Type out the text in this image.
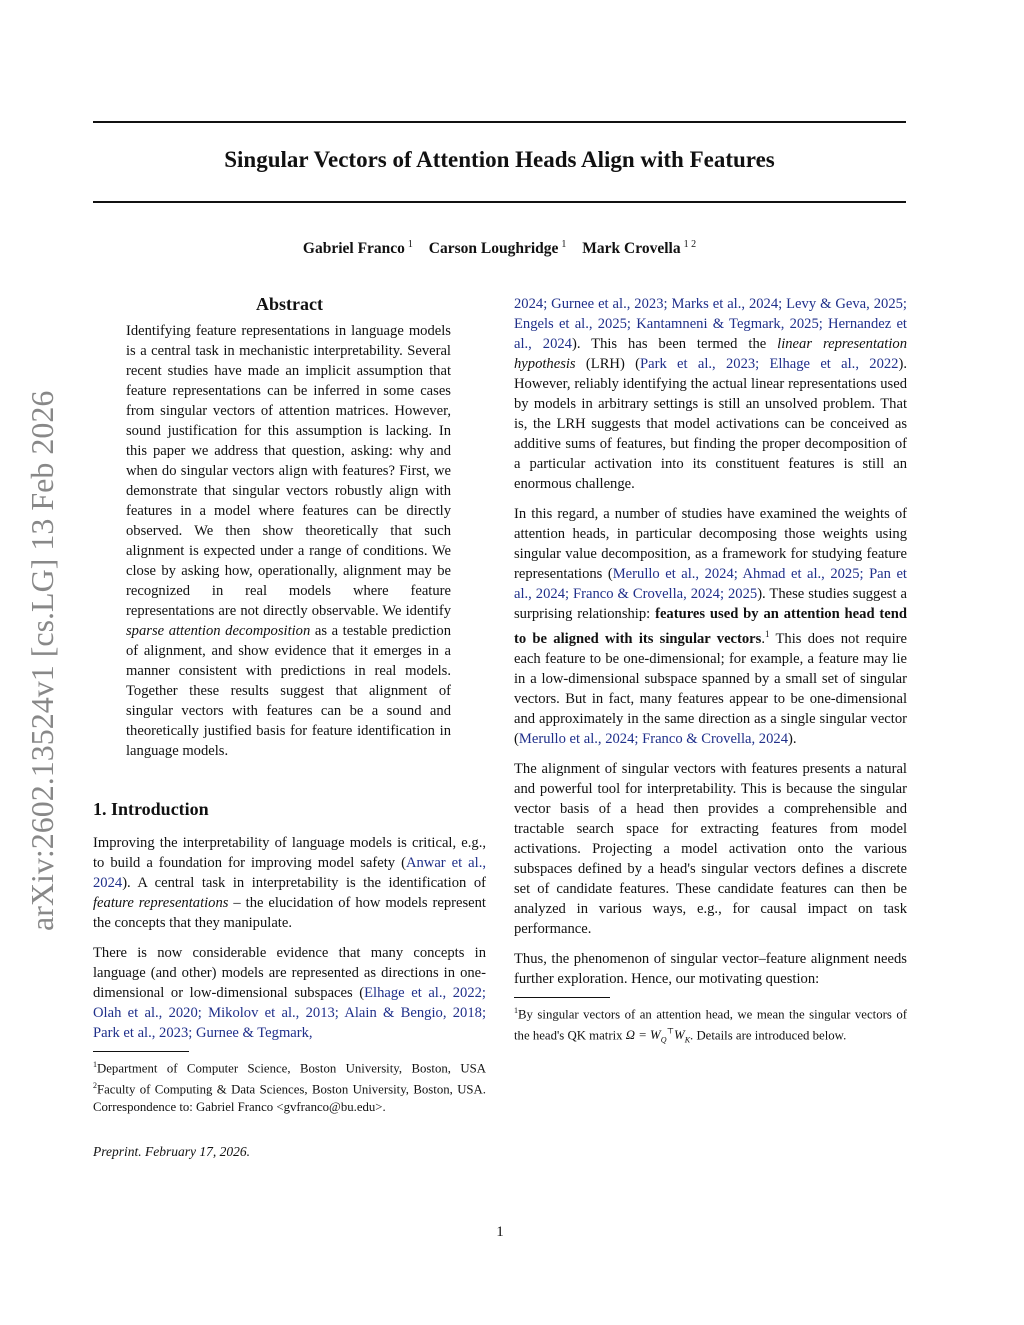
Singular Vectors of Attention Heads Align with Features
Gabriel Franco $^1$ Carson Loughridge $^1$ Mark Crovella $^{1 2}$
arXiv:2602.13524v1 [cs.LG] 13 Feb 2026
Abstract

Identifying feature representations in language models is a central task in mechanistic interpretability. Several recent studies have made an implicit assumption that feature representations can be inferred in some cases from singular vectors of attention matrices. However, sound justification for this assumption is lacking. In this paper we address that question, asking: why and when do singular vectors align with features? First, we demonstrate that singular vectors robustly align with features in a model where features can be directly observed. We then show theoretically that such alignment is expected under a range of conditions. We close by asking how, operationally, alignment may be recognized in real models where feature representations are not directly observable. We identify sparse attention decomposition as a testable prediction of alignment, and show evidence that it emerges in a manner consistent with predictions in real models. Together these results suggest that alignment of singular vectors with features can be a sound and theoretically justified basis for feature identification in language models.

1. Introduction

Improving the interpretability of language models is critical, e.g., to build a foundation for improving model safety (Anwar et al., 2024). A central task in interpretability is the identification of feature representations – the elucidation of how models represent the concepts that they manipulate.

There is now considerable evidence that many concepts in language (and other) models are represented as directions in one-dimensional or low-dimensional subspaces (Elhage et al., 2022; Olah et al., 2020; Mikolov et al., 2013; Alain & Bengio, 2018; Park et al., 2023; Gurnee & Tegmark,

$^1$Department of Computer Science, Boston University, Boston, USA $^2$Faculty of Computing & Data Sciences, Boston University, Boston, USA. Correspondence to: Gabriel Franco <gvfranco@bu.edu>.

Preprint. February 17, 2026.

2024; Gurnee et al., 2023; Marks et al., 2024; Levy & Geva, 2025; Engels et al., 2025; Kantamneni & Tegmark, 2025; Hernandez et al., 2024). This has been termed the linear representation hypothesis (LRH) (Park et al., 2023; Elhage et al., 2022). However, reliably identifying the actual linear representations used by models in arbitrary settings is still an unsolved problem. That is, the LRH suggests that model activations can be conceived as additive sums of features, but finding the proper decomposition of a particular activation into its constituent features is still an enormous challenge.

In this regard, a number of studies have examined the weights of attention heads, in particular decomposing those weights using singular value decomposition, as a framework for studying feature representations (Merullo et al., 2024; Ahmad et al., 2025; Pan et al., 2024; Franco & Crovella, 2024; 2025). These studies suggest a surprising relationship: features used by an attention head tend to be aligned with its singular vectors.$^1$ This does not require each feature to be one-dimensional; for example, a feature may lie in a low-dimensional subspace spanned by a small set of singular vectors. But in fact, many features appear to be one-dimensional and approximately in the same direction as a single singular vector (Merullo et al., 2024; Franco & Crovella, 2024).

The alignment of singular vectors with features presents a natural and powerful tool for interpretability. This is because the singular vector basis of a head then provides a comprehensible and tractable search space for extracting features from model activations. Projecting a model activation onto the various subspaces defined by a head's singular vectors defines a discrete set of candidate features. These candidate features can then be analyzed in various ways, e.g., for causal impact on task performance.

Thus, the phenomenon of singular vector–feature alignment needs further exploration. Hence, our motivating question:

$^1$By singular vectors of an attention head, we mean the singular vectors of the head's QK matrix $\Omega = W_Q^⊤W_K$. Details are introduced below.

1
